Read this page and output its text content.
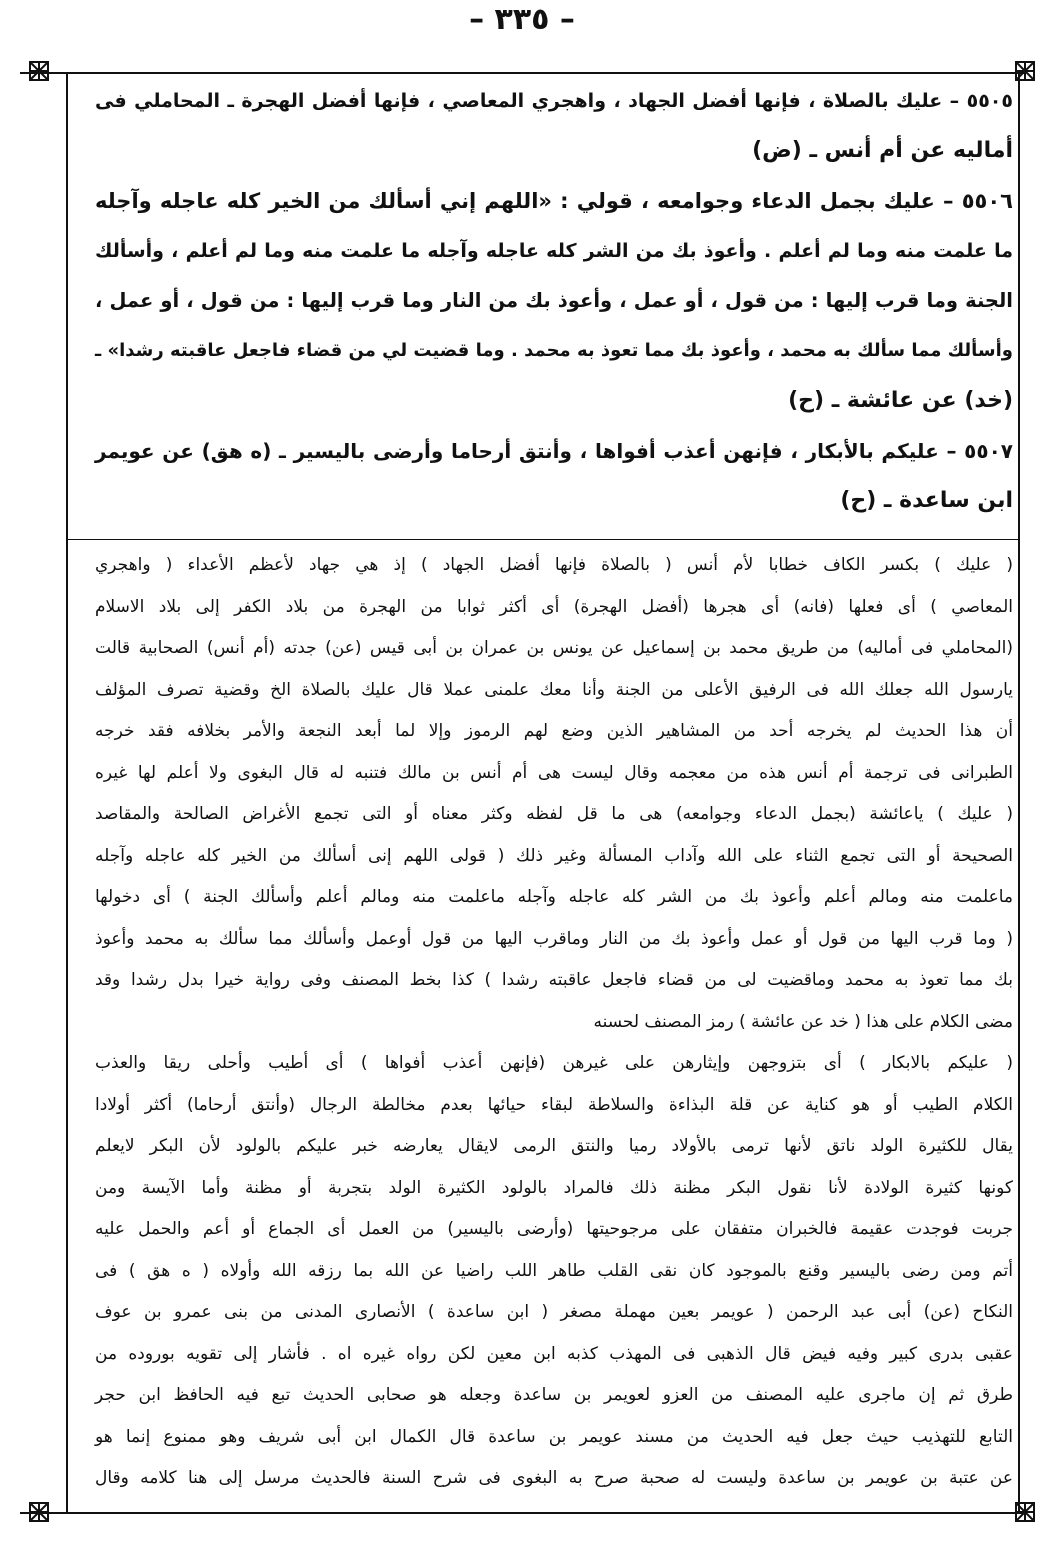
– ٣٣٥ –
٥٥٠٥ – عليك بالصلاة ، فإنها أفضل الجهاد ، واهجري المعاصي ، فإنها أفضل الهجرة ـ المحاملي فى
أماليه عن أم أنس ـ (ض)
٥٥٠٦ – عليك بجمل الدعاء وجوامعه ، قولي : «اللهم إني أسألك من الخير كله عاجله وآجله
ما علمت منه وما لم أعلم . وأعوذ بك من الشر كله عاجله وآجله ما علمت منه وما لم أعلم ، وأسألك
الجنة وما قرب إليها : من قول ، أو عمل ، وأعوذ بك من النار وما قرب إليها : من قول ، أو عمل ،
وأسألك مما سألك به محمد ، وأعوذ بك مما تعوذ به محمد . وما قضيت لي من قضاء فاجعل عاقبته رشدا» ـ
(خد) عن عائشة ـ (ح)
٥٥٠٧ – عليكم بالأبكار ، فإنهن أعذب أفواها ، وأنتق أرحاما وأرضى باليسير ـ (ه هق) عن عويمر
ابن ساعدة ـ (ح)
( عليك ) بكسر الكاف خطابا لأم أنس ( بالصلاة فإنها أفضل الجهاد ) إذ هي جهاد لأعظم الأعداء ( واهجري
المعاصي ) أى فعلها (فانه) أى هجرها (أفضل الهجرة) أى أكثر ثوابا من الهجرة من بلاد الكفر إلى بلاد الاسلام
(المحاملي فى أماليه) من طريق محمد بن إسماعيل عن يونس بن عمران بن أبى قيس (عن) جدته (أم أنس) الصحابية قالت
يارسول الله جعلك الله فى الرفيق الأعلى من الجنة وأنا معك علمنى عملا قال عليك بالصلاة الخ وقضية تصرف المؤلف
أن هذا الحديث لم يخرجه أحد من المشاهير الذين وضع لهم الرموز وإلا لما أبعد النجعة والأمر بخلافه فقد خرجه
الطبرانى فى ترجمة أم أنس هذه من معجمه وقال ليست هى أم أنس بن مالك فتنبه له قال البغوى ولا أعلم لها غيره
( عليك ) ياعائشة (بجمل الدعاء وجوامعه) هى ما قل لفظه وكثر معناه أو التى تجمع الأغراض الصالحة والمقاصد
الصحيحة أو التى تجمع الثناء على الله وآداب المسألة وغير ذلك ( قولى اللهم إنى أسألك من الخير كله عاجله وآجله
ماعلمت منه ومالم أعلم وأعوذ بك من الشر كله عاجله وآجله ماعلمت منه ومالم أعلم وأسألك الجنة ) أى دخولها
( وما قرب اليها من قول أو عمل وأعوذ بك من النار وماقرب اليها من قول أوعمل وأسألك مما سألك به محمد وأعوذ
بك مما تعوذ به محمد وماقضيت لى من قضاء فاجعل عاقبته رشدا ) كذا بخط المصنف وفى رواية خيرا بدل رشدا وقد
مضى الكلام على هذا ( خد عن عائشة ) رمز المصنف لحسنه
( عليكم بالابكار ) أى بتزوجهن وإيثارهن على غيرهن (فإنهن أعذب أفواها ) أى أطيب وأحلى ريقا والعذب
الكلام الطيب أو هو كناية عن قلة البذاءة والسلاطة لبقاء حيائها بعدم مخالطة الرجال (وأنتق أرحاما) أكثر أولادا
يقال للكثيرة الولد ناتق لأنها ترمى بالأولاد رميا والنتق الرمى لايقال يعارضه خبر عليكم بالولود لأن البكر لايعلم
كونها كثيرة الولادة لأنا نقول البكر مظنة ذلك فالمراد بالولود الكثيرة الولد بتجربة أو مظنة وأما الآيسة ومن
جربت فوجدت عقيمة فالخبران متفقان على مرجوحيتها (وأرضى باليسير) من العمل أى الجماع أو أعم والحمل عليه
أتم ومن رضى باليسير وقنع بالموجود كان نقى القلب طاهر اللب راضيا عن الله بما رزقه الله وأولاه ( ه هق ) فى
النكاح (عن) أبى عبد الرحمن ( عويمر بعين مهملة مصغر ( ابن ساعدة ) الأنصارى المدنى من بنى عمرو بن عوف
عقبى بدرى كبير وفيه فيض قال الذهبى فى المهذب كذبه ابن معين لكن رواه غيره اه . فأشار إلى تقويه بوروده من
طرق ثم إن ماجرى عليه المصنف من العزو لعويمر بن ساعدة وجعله هو صحابى الحديث تبع فيه الحافظ ابن حجر
التابع للتهذيب حيث جعل فيه الحديث من مسند عويمر بن ساعدة قال الكمال ابن أبى شريف وهو ممنوع إنما هو
عن عتبة بن عويمر بن ساعدة وليست له صحبة صرح به البغوى فى شرح السنة فالحديث مرسل إلى هنا كلامه وقال
